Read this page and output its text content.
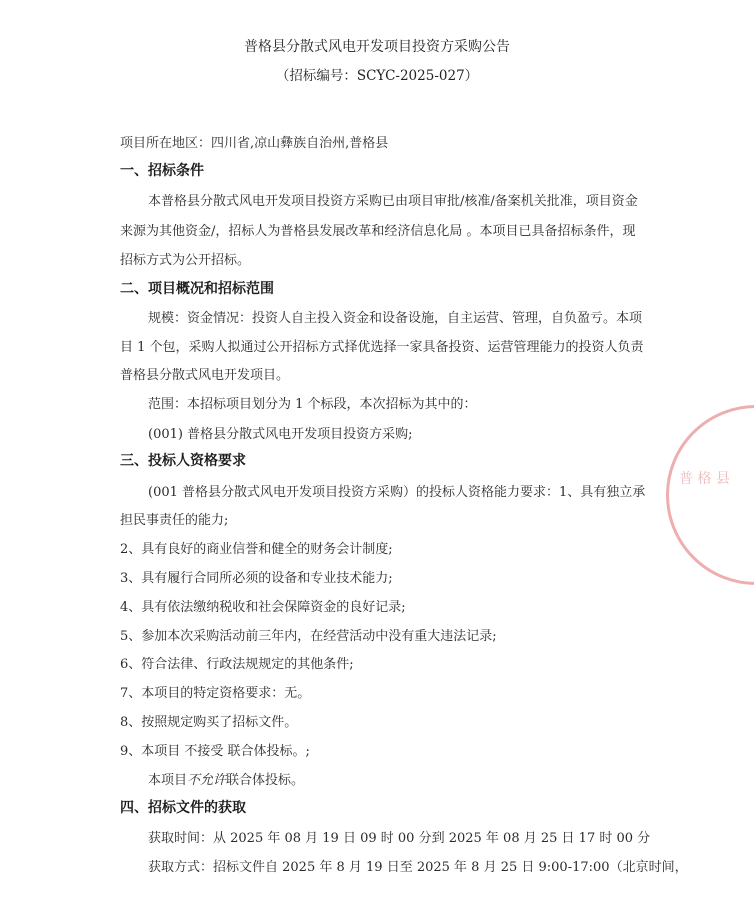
普格县分散式风电开发项目投资方采购公告
（招标编号：SCYC-2025-027）
项目所在地区：四川省,凉山彝族自治州,普格县
一、招标条件
本普格县分散式风电开发项目投资方采购已由项目审批/核准/备案机关批准，项目资金
来源为其他资金/，招标人为普格县发展改革和经济信息化局 。本项目已具备招标条件，现
招标方式为公开招标。
二、项目概况和招标范围
规模：资金情况：投资人自主投入资金和设备设施，自主运营、管理，自负盈亏。本项
目 1 个包，采购人拟通过公开招标方式择优选择一家具备投资、运营管理能力的投资人负责
普格县分散式风电开发项目。
范围：本招标项目划分为 1 个标段，本次招标为其中的：
(001) 普格县分散式风电开发项目投资方采购;
三、投标人资格要求
(001 普格县分散式风电开发项目投资方采购）的投标人资格能力要求：1、具有独立承
担民事责任的能力;
2、具有良好的商业信誉和健全的财务会计制度;
3、具有履行合同所必须的设备和专业技术能力;
4、具有依法缴纳税收和社会保障资金的良好记录;
5、参加本次采购活动前三年内，在经营活动中没有重大违法记录;
6、符合法律、行政法规规定的其他条件;
7、本项目的特定资格要求：无。
8、按照规定购买了招标文件。
9、本项目 不接受 联合体投标。;
本项目不允许联合体投标。
四、招标文件的获取
获取时间：从 2025 年 08 月 19 日 09 时 00 分到 2025 年 08 月 25 日 17 时 00 分
获取方式：招标文件自 2025 年 8 月 19 日至 2025 年 8 月 25 日 9:00-17:00（北京时间，
普 格 县
